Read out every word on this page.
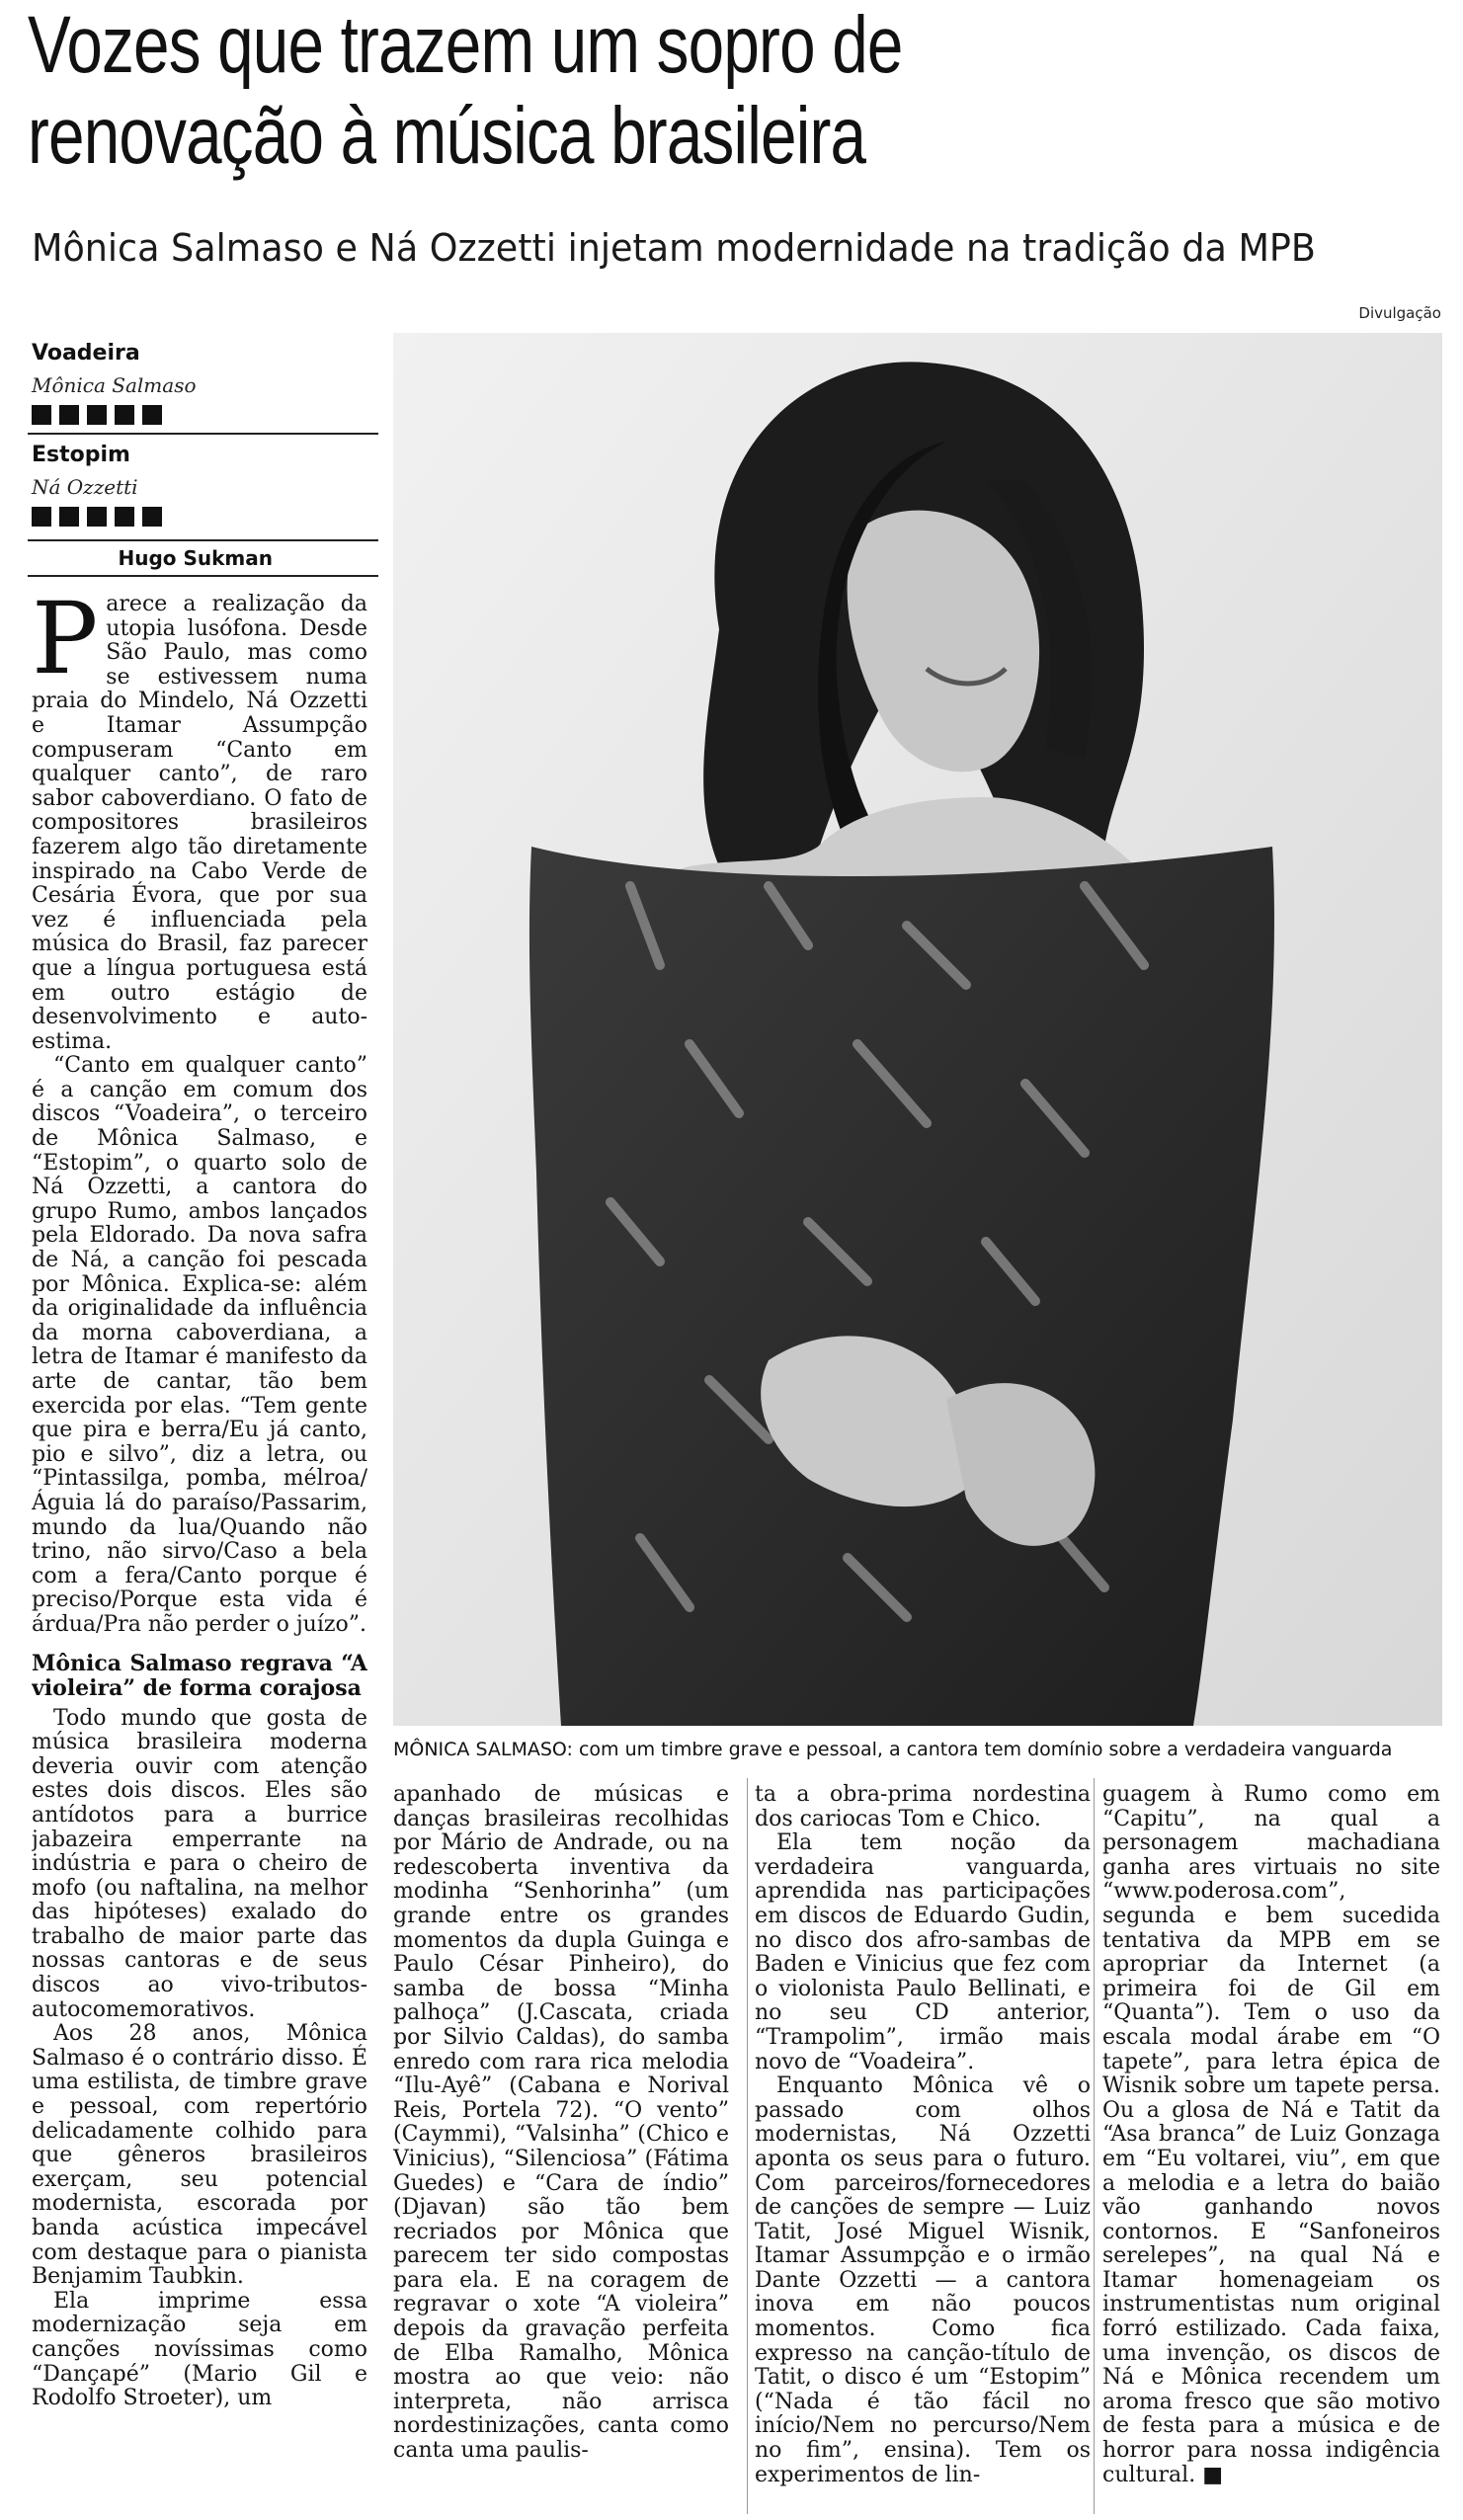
Vozes que trazem um sopro de
renovação à música brasileira
Mônica Salmaso e Ná Ozzetti injetam modernidade na tradição da MPB
Divulgação
Voadeira
Mônica Salmaso
Estopim
Ná Ozzetti
Hugo Sukman

Parece a realização da utopia lusófona. Desde São Paulo, mas como se estivessem numa praia do Mindelo, Ná Ozzetti e Itamar Assumpção compuseram “Canto em qualquer canto”, de raro sabor caboverdiano. O fato de compositores brasileiros fazerem algo tão diretamente inspirado na Cabo Verde de Cesária Évora, que por sua vez é influenciada pela música do Brasil, faz parecer que a língua portuguesa está em outro estágio de desenvolvimento e auto-estima.

“Canto em qualquer canto” é a canção em comum dos discos “Voadeira”, o terceiro de Mônica Salmaso, e “Estopim”, o quarto solo de Ná Ozzetti, a cantora do grupo Rumo, ambos lançados pela Eldorado. Da nova safra de Ná, a canção foi pescada por Mônica. Explica-se: além da originalidade da influência da morna caboverdiana, a letra de Itamar é manifesto da arte de cantar, tão bem exercida por elas. “Tem gente que pira e berra/Eu já canto, pio e silvo”, diz a letra, ou “Pintassilga, pomba, mélroa/Águia lá do paraíso/Passarim, mundo da lua/Quando não trino, não sirvo/Caso a bela com a fera/Canto porque é preciso/Porque esta vida é árdua/Pra não perder o juízo”.

Mônica Salmaso regrava “A violeira” de forma corajosa

Todo mundo que gosta de música brasileira moderna deveria ouvir com atenção estes dois discos. Eles são antídotos para a burrice jabazeira emperrante na indústria e para o cheiro de mofo (ou naftalina, na melhor das hipóteses) exalado do trabalho de maior parte das nossas cantoras e de seus discos ao vivo-tributos-autocomemorativos.

Aos 28 anos, Mônica Salmaso é o contrário disso. É uma estilista, de timbre grave e pessoal, com repertório delicadamente colhido para que gêneros brasileiros exerçam, seu potencial modernista, escorada por banda acústica impecável com destaque para o pianista Benjamim Taubkin.

Ela imprime essa modernização seja em canções novíssimas como “Dançapé” (Mario Gil e Rodolfo Stroeter), um

MÔNICA SALMASO: com um timbre grave e pessoal, a cantora tem domínio sobre a verdadeira vanguarda

apanhado de músicas e danças brasileiras recolhidas por Mário de Andrade, ou na redescoberta inventiva da modinha “Senhorinha” (um grande entre os grandes momentos da dupla Guinga e Paulo César Pinheiro), do samba de bossa “Minha palhoça” (J.Cascata, criada por Silvio Caldas), do samba enredo com rara rica melodia “Ilu-Ayê” (Cabana e Norival Reis, Portela 72). “O vento” (Caymmi), “Valsinha” (Chico e Vinicius), “Silenciosa” (Fátima Guedes) e “Cara de índio” (Djavan) são tão bem recriados por Mônica que parecem ter sido compostas para ela. E na coragem de regravar o xote “A violeira” depois da gravação perfeita de Elba Ramalho, Mônica mostra ao que veio: não interpreta, não arrisca nordestinizações, canta como canta uma paulis-

ta a obra-prima nordestina dos cariocas Tom e Chico.

Ela tem noção da verdadeira vanguarda, aprendida nas participações em discos de Eduardo Gudin, no disco dos afro-sambas de Baden e Vinicius que fez com o violonista Paulo Bellinati, e no seu CD anterior, “Trampolim”, irmão mais novo de “Voadeira”.

Enquanto Mônica vê o passado com olhos modernistas, Ná Ozzetti aponta os seus para o futuro. Com parceiros/fornecedores de canções de sempre — Luiz Tatit, José Miguel Wisnik, Itamar Assumpção e o irmão Dante Ozzetti — a cantora inova em não poucos momentos. Como fica expresso na canção-título de Tatit, o disco é um “Estopim” (“Nada é tão fácil no início/Nem no percurso/Nem no fim”, ensina). Tem os experimentos de lin-

guagem à Rumo como em “Capitu”, na qual a personagem machadiana ganha ares virtuais no site “www.poderosa.com”, segunda e bem sucedida tentativa da MPB em se apropriar da Internet (a primeira foi de Gil em “Quanta”). Tem o uso da escala modal árabe em “O tapete”, para letra épica de Wisnik sobre um tapete persa. Ou a glosa de Ná e Tatit da “Asa branca” de Luiz Gonzaga em “Eu voltarei, viu”, em que a melodia e a letra do baião vão ganhando novos contornos. E “Sanfoneiros serelepes”, na qual Ná e Itamar homenageiam os instrumentistas num original forró estilizado. Cada faixa, uma invenção, os discos de Ná e Mônica recendem um aroma fresco que são motivo de festa para a música e de horror para nossa indigência cultural. ■
